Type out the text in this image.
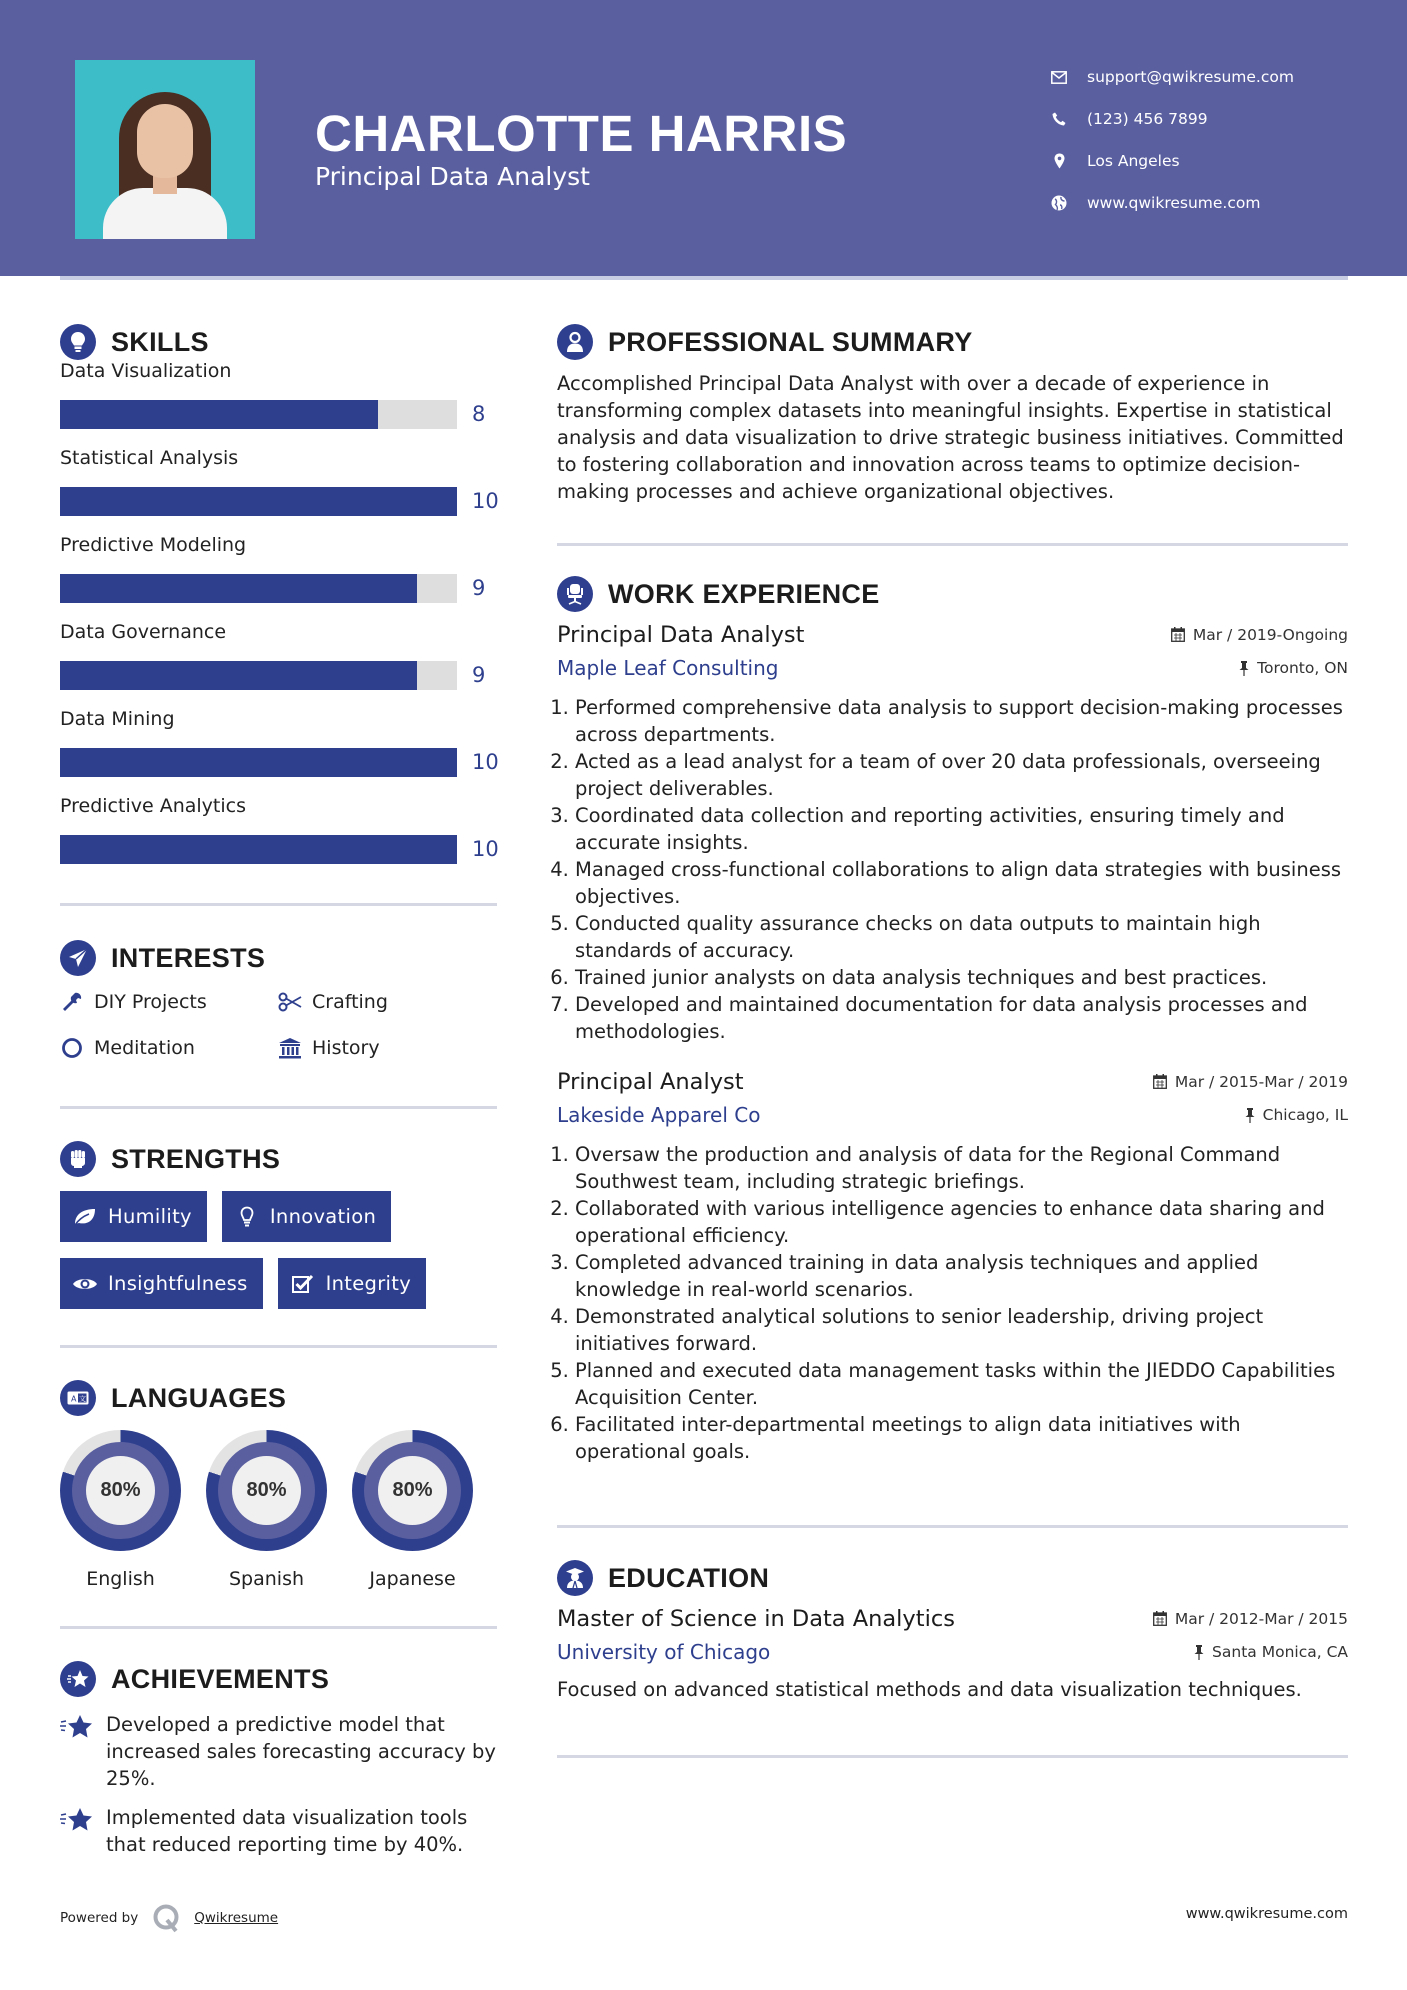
CHARLOTTE HARRIS
Principal Data Analyst
support@qwikresume.com
(123) 456 7899
Los Angeles
www.qwikresume.com
SKILLS
Data Visualization
8
Statistical Analysis
10
Predictive Modeling
9
Data Governance
9
Data Mining
10
Predictive Analytics
10
INTERESTS
DIY Projects	Crafting
Meditation	History
STRENGTHS
Humility	Innovation
Insightfulness	Integrity
A 文 LANGUAGES
80%
English
80%
Spanish
80%
Japanese
ACHIEVEMENTS
Developed a predictive model that increased sales forecasting accuracy by 25%.
Implemented data visualization tools that reduced reporting time by 40%.
PROFESSIONAL SUMMARY

Accomplished Principal Data Analyst with over a decade of experience in transforming complex datasets into meaningful insights. Expertise in statistical analysis and data visualization to drive strategic business initiatives. Committed to fostering collaboration and innovation across teams to optimize decision-making processes and achieve organizational objectives.

WORK EXPERIENCE
Principal Data Analyst	Mar / 2019-Ongoing
Maple Leaf Consulting	Toronto, ON
1. Performed comprehensive data analysis to support decision-making processes across departments.
2. Acted as a lead analyst for a team of over 20 data professionals, overseeing project deliverables.
3. Coordinated data collection and reporting activities, ensuring timely and accurate insights.
4. Managed cross-functional collaborations to align data strategies with business objectives.
5. Conducted quality assurance checks on data outputs to maintain high standards of accuracy.
6. Trained junior analysts on data analysis techniques and best practices.
7. Developed and maintained documentation for data analysis processes and methodologies.
Principal Analyst	Mar / 2015-Mar / 2019
Lakeside Apparel Co	Chicago, IL
1. Oversaw the production and analysis of data for the Regional Command Southwest team, including strategic briefings.
2. Collaborated with various intelligence agencies to enhance data sharing and operational efficiency.
3. Completed advanced training in data analysis techniques and applied knowledge in real-world scenarios.
4. Demonstrated analytical solutions to senior leadership, driving project initiatives forward.
5. Planned and executed data management tasks within the JIEDDO Capabilities Acquisition Center.
6. Facilitated inter-departmental meetings to align data initiatives with operational goals.
EDUCATION
Master of Science in Data Analytics	Mar / 2012-Mar / 2015
University of Chicago	Santa Monica, CA

Focused on advanced statistical methods and data visualization techniques.

Powered by	Qwikresume	www.qwikresume.com
